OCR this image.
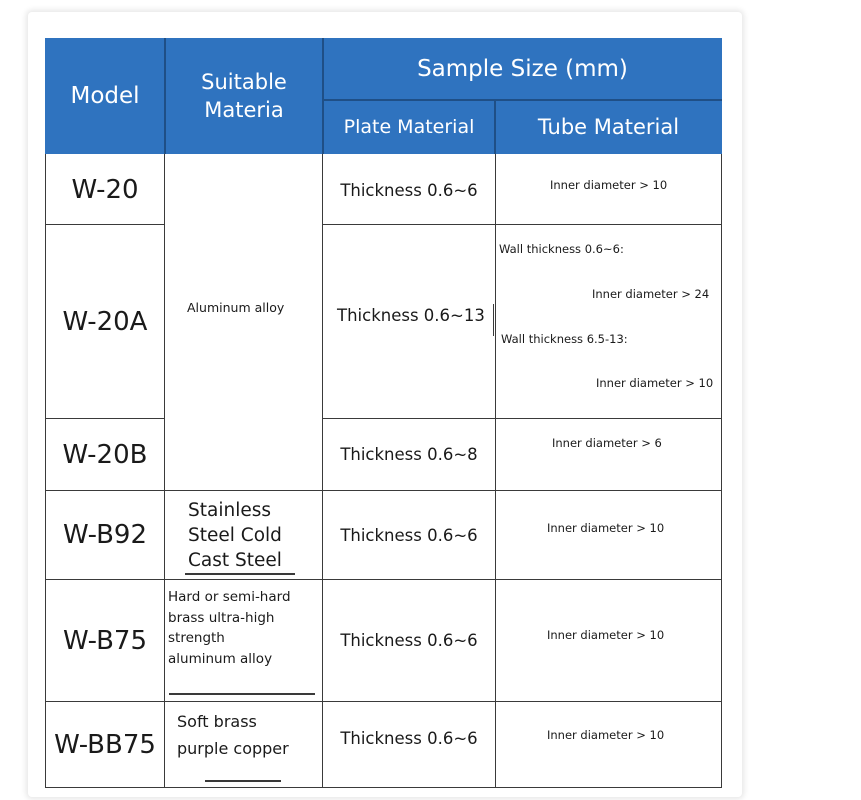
Model
Suitable
Materia
Sample Size (mm)
Plate Material	Tube Material
W-20
W-20A
W-20B
W-B92
W-B75
W-BB75
Aluminum alloy
Stainless
Steel Cold
Cast Steel
Hard or semi-hard
brass ultra-high
strength
aluminum alloy
Soft brass
purple copper
Thickness 0.6~6
Thickness 0.6~13
Thickness 0.6~8
Thickness 0.6~6
Thickness 0.6~6
Thickness 0.6~6
Inner diameter > 10
Wall thickness 0.6~6:
Inner diameter > 24
Wall thickness 6.5-13:
Inner diameter > 10
Inner diameter > 6
Inner diameter > 10
Inner diameter > 10
Inner diameter > 10
